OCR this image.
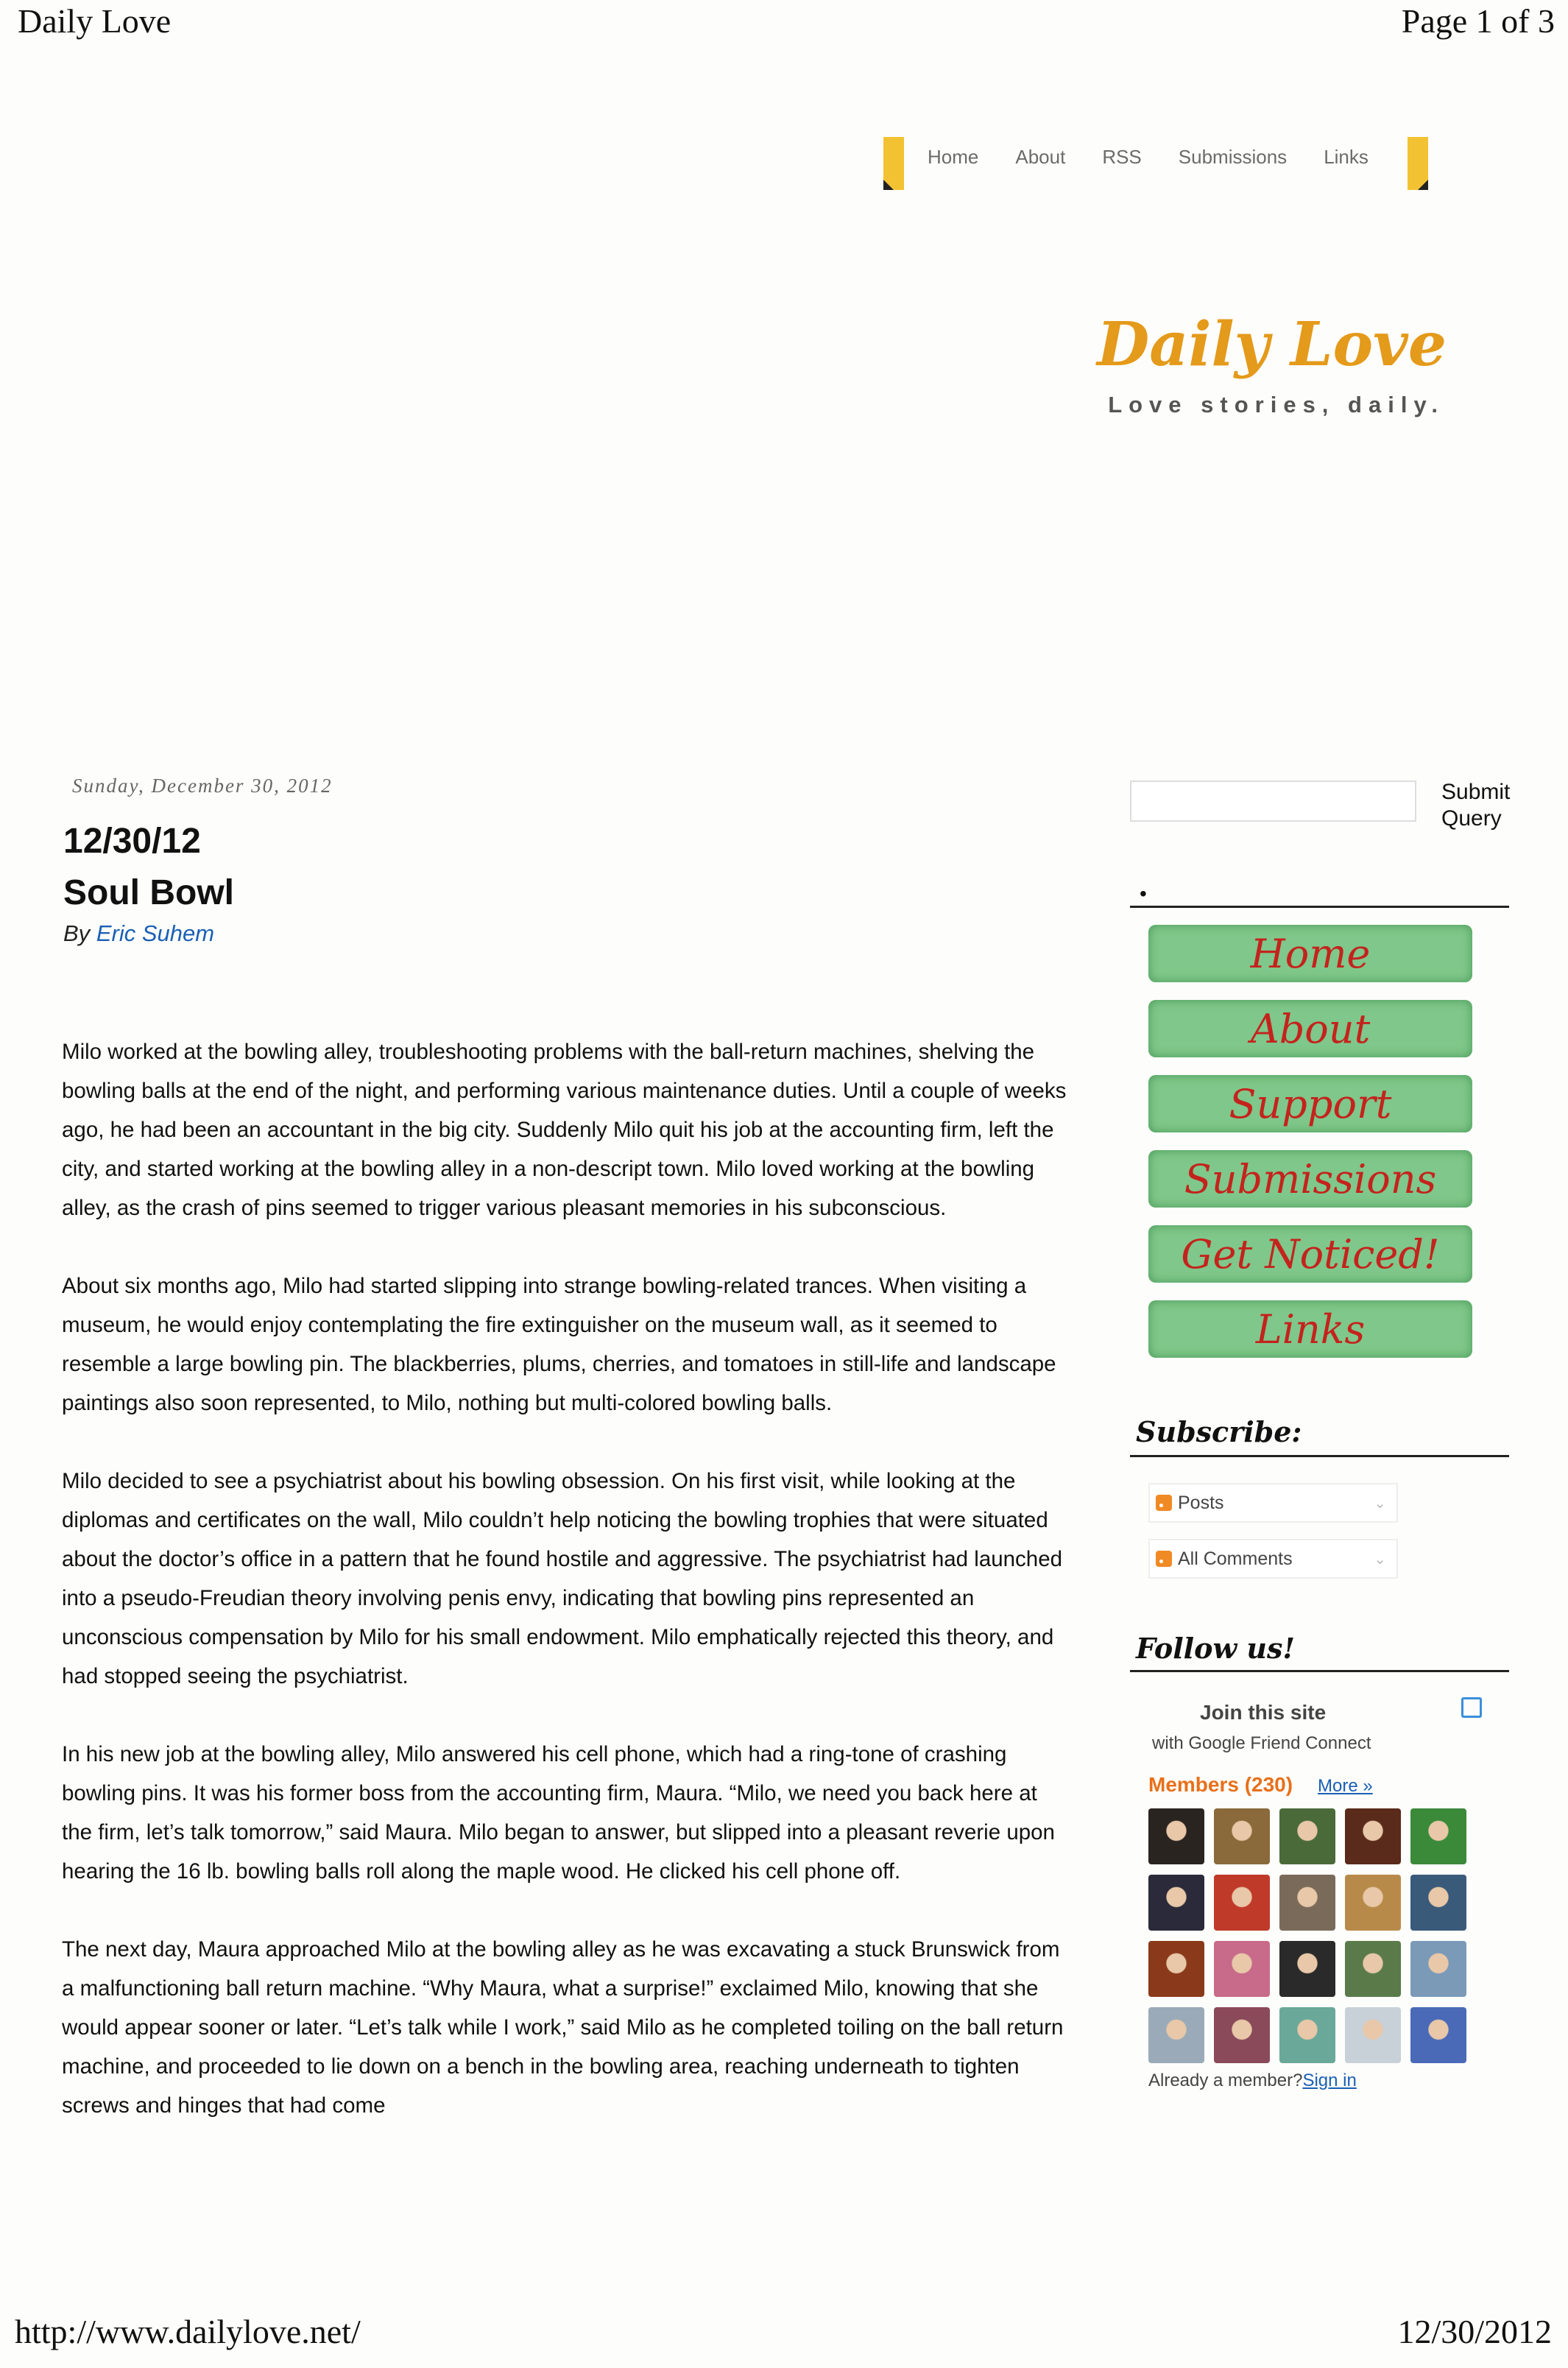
Daily Love	Page 1 of 3
Home About RSS Submissions Links
Daily Love
Love stories, daily.
Sunday, December 30, 2012
12/30/12
Soul Bowl
By Eric Suhem

Milo worked at the bowling alley, troubleshooting problems with the ball-return machines, shelving the bowling balls at the end of the night, and performing various maintenance duties. Until a couple of weeks ago, he had been an accountant in the big city. Suddenly Milo quit his job at the accounting firm, left the city, and started working at the bowling alley in a non-descript town. Milo loved working at the bowling alley, as the crash of pins seemed to trigger various pleasant memories in his subconscious.

About six months ago, Milo had started slipping into strange bowling-related trances. When visiting a museum, he would enjoy contemplating the fire extinguisher on the museum wall, as it seemed to resemble a large bowling pin. The blackberries, plums, cherries, and tomatoes in still-life and landscape paintings also soon represented, to Milo, nothing but multi-colored bowling balls.

Milo decided to see a psychiatrist about his bowling obsession. On his first visit, while looking at the diplomas and certificates on the wall, Milo couldn’t help noticing the bowling trophies that were situated about the doctor’s office in a pattern that he found hostile and aggressive. The psychiatrist had launched into a pseudo-Freudian theory involving penis envy, indicating that bowling pins represented an unconscious compensation by Milo for his small endowment. Milo emphatically rejected this theory, and had stopped seeing the psychiatrist.

In his new job at the bowling alley, Milo answered his cell phone, which had a ring-tone of crashing bowling pins. It was his former boss from the accounting firm, Maura. “Milo, we need you back here at the firm, let’s talk tomorrow,” said Maura. Milo began to answer, but slipped into a pleasant reverie upon hearing the 16 lb. bowling balls roll along the maple wood. He clicked his cell phone off.

The next day, Maura approached Milo at the bowling alley as he was excavating a stuck Brunswick from a malfunctioning ball return machine. “Why Maura, what a surprise!” exclaimed Milo, knowing that she would appear sooner or later. “Let’s talk while I work,” said Milo as he completed toiling on the ball return machine, and proceeded to lie down on a bench in the bowling area, reaching underneath to tighten screws and hinges that had come

Submit Query
•
Home
About
Support
Submissions
Get Noticed!
Links
Subscribe:
Posts	⌄
All Comments	⌄
Follow us!
Join this site
with Google Friend Connect
Members (230) More »
Already a member?Sign in
http://www.dailylove.net/	12/30/2012
